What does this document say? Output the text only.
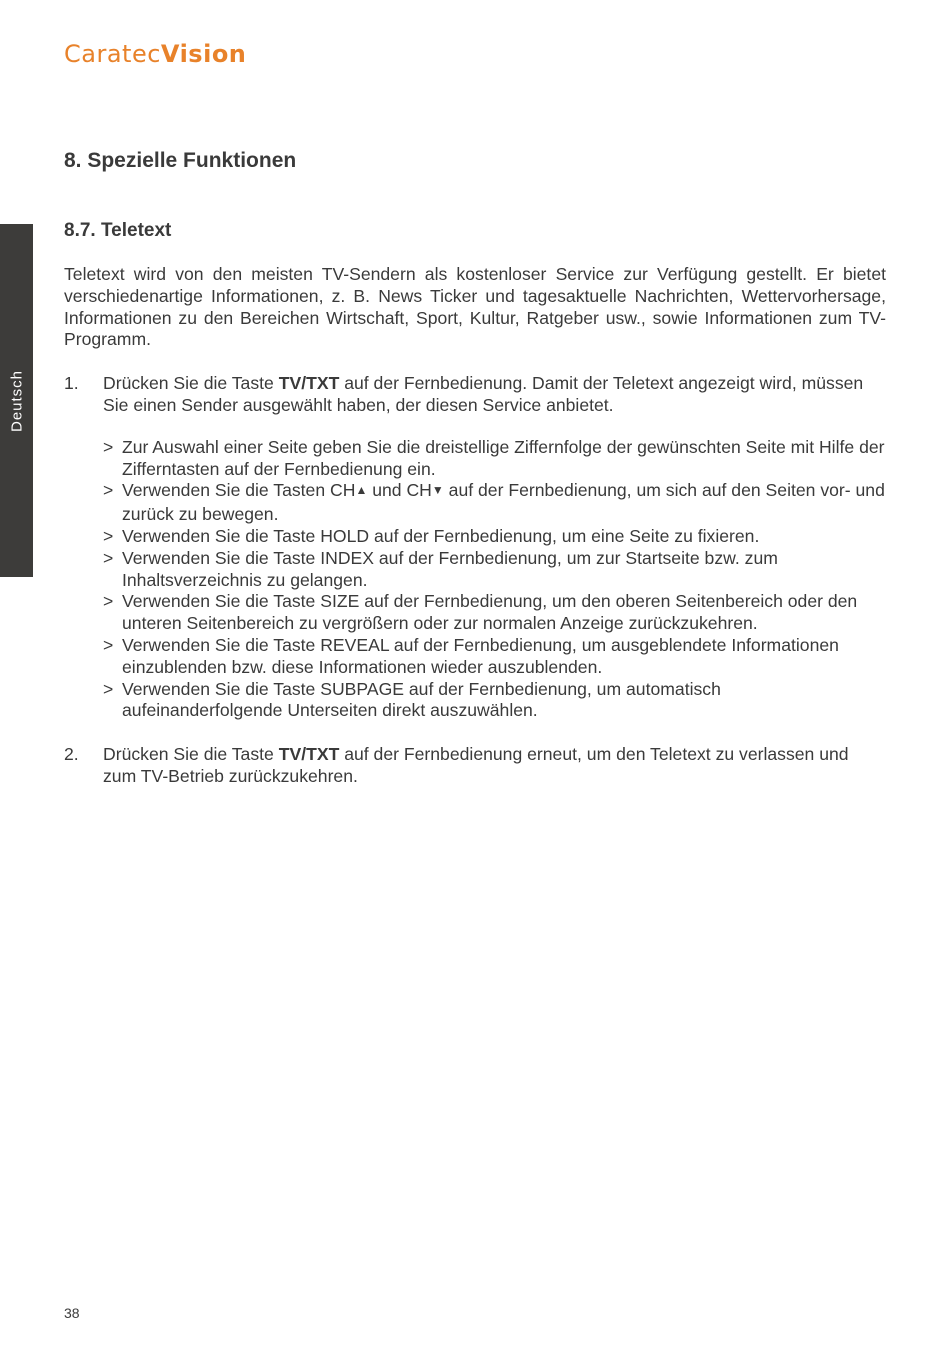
CaratecVision
Deutsch
8. Spezielle Funktionen
8.7. Teletext

Teletext wird von den meisten TV-Sendern als kostenloser Service zur Verfügung gestellt. Er bietet verschiedenartige Informationen, z. B. News Ticker und tagesaktuelle Nachrichten, Wettervorhersage, Informationen zu den Bereichen Wirtschaft, Sport, Kultur, Ratgeber usw., sowie Informationen zum TV-Programm.

1. Drücken Sie die Taste TV/TXT auf der Fernbedienung. Damit der Teletext angezeigt wird, müssen Sie einen Sender ausgewählt haben, der diesen Service anbietet.
> Zur Auswahl einer Seite geben Sie die dreistellige Ziffernfolge der gewünschten Seite mit Hilfe der Zifferntasten auf der Fernbedienung ein.
> Verwenden Sie die Tasten CH▲ und CH▼ auf der Fernbedienung, um sich auf den Seiten vor- und zurück zu bewegen.
> Verwenden Sie die Taste HOLD auf der Fernbedienung, um eine Seite zu fixieren.
> Verwenden Sie die Taste INDEX auf der Fernbedienung, um zur Startseite bzw. zum Inhaltsverzeichnis zu gelangen.
> Verwenden Sie die Taste SIZE auf der Fernbedienung, um den oberen Seitenbereich oder den unteren Seitenbereich zu vergrößern oder zur normalen Anzeige zurückzukehren.
> Verwenden Sie die Taste REVEAL auf der Fernbedienung, um ausgeblendete Informationen einzublenden bzw. diese Informationen wieder auszublenden.
> Verwenden Sie die Taste SUBPAGE auf der Fernbedienung, um automatisch aufeinanderfolgende Unterseiten direkt auszuwählen.
2. Drücken Sie die Taste TV/TXT auf der Fernbedienung erneut, um den Teletext zu verlassen und zum TV-Betrieb zurückzukehren.
38
